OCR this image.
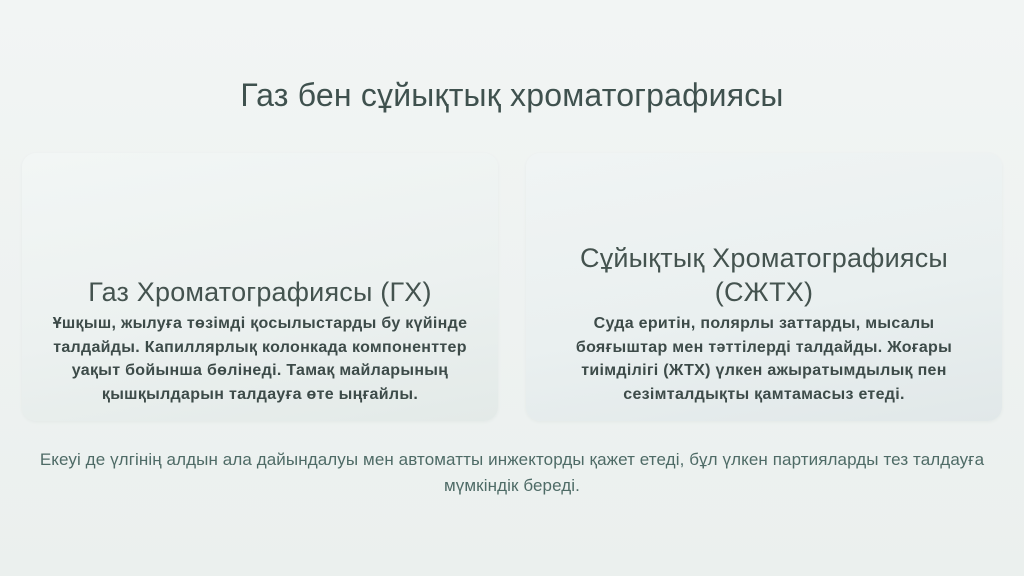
Газ бен сұйықтық хроматографиясы
Газ Хроматографиясы (ГХ)

Ұшқыш, жылуға төзімді қосылыстарды бу күйінде талдайды. Капиллярлық колонкада компоненттер уақыт бойынша бөлінеді. Тамақ майларының қышқылдарын талдауға өте ыңғайлы.

Сұйықтық Хроматографиясы (СЖТХ)

Суда еритін, полярлы заттарды, мысалы бояғыштар мен тәттілерді талдайды. Жоғары тиімділігі (ЖТХ) үлкен ажыратымдылық пен сезімталдықты қамтамасыз етеді.

Екеуі де үлгінің алдын ала дайындалуы мен автоматты инжекторды қажет етеді, бұл үлкен партияларды тез талдауға мүмкіндік береді.
